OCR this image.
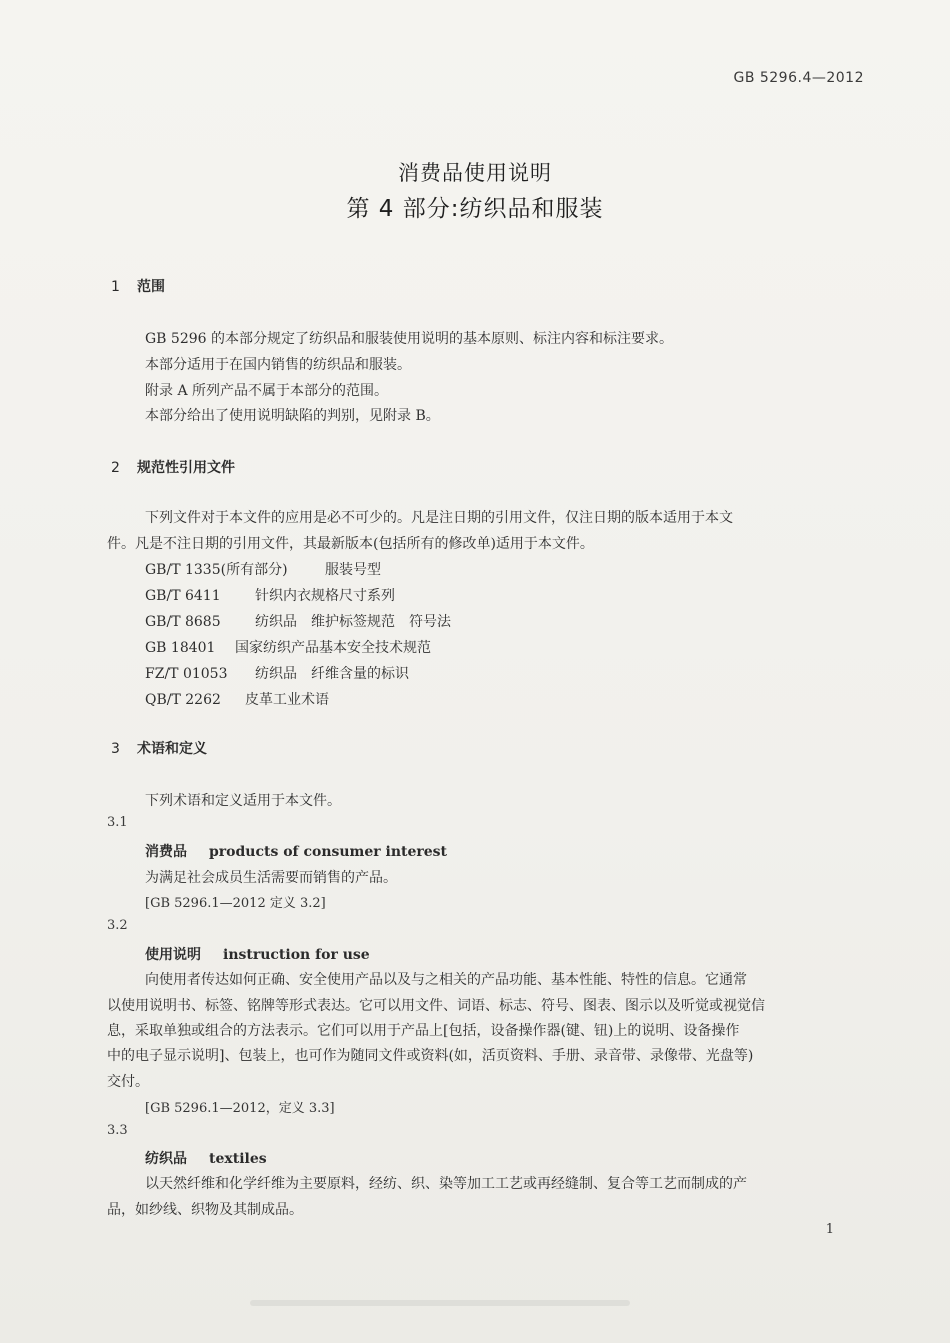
GB 5296.4—2012
消费品使用说明
第 4 部分:纺织品和服装
1 范围
GB 5296 的本部分规定了纺织品和服装使用说明的基本原则、标注内容和标注要求。
本部分适用于在国内销售的纺织品和服装。
附录 A 所列产品不属于本部分的范围。
本部分给出了使用说明缺陷的判别，见附录 B。
2 规范性引用文件
下列文件对于本文件的应用是必不可少的。凡是注日期的引用文件，仅注日期的版本适用于本文
件。凡是不注日期的引用文件，其最新版本(包括所有的修改单)适用于本文件。
GB/T 1335(所有部分)	服装号型
GB/T 6411 针织内衣规格尺寸系列
GB/T 8685 纺织品　维护标签规范　符号法
GB 18401 国家纺织产品基本安全技术规范
FZ/T 01053 纺织品　纤维含量的标识
QB/T 2262 皮革工业术语
3 术语和定义
下列术语和定义适用于本文件。
3.1
消费品 products of consumer interest
为满足社会成员生活需要而销售的产品。
[GB 5296.1—2012 定义 3.2]
3.2
使用说明 instruction for use
向使用者传达如何正确、安全使用产品以及与之相关的产品功能、基本性能、特性的信息。它通常
以使用说明书、标签、铭牌等形式表达。它可以用文件、词语、标志、符号、图表、图示以及听觉或视觉信
息，采取单独或组合的方法表示。它们可以用于产品上[包括，设备操作器(键、钮)上的说明、设备操作
中的电子显示说明]、包装上，也可作为随同文件或资料(如，活页资料、手册、录音带、录像带、光盘等)
交付。
[GB 5296.1—2012，定义 3.3]
3.3
纺织品 textiles
以天然纤维和化学纤维为主要原料，经纺、织、染等加工工艺或再经缝制、复合等工艺而制成的产
品，如纱线、织物及其制成品。
1
